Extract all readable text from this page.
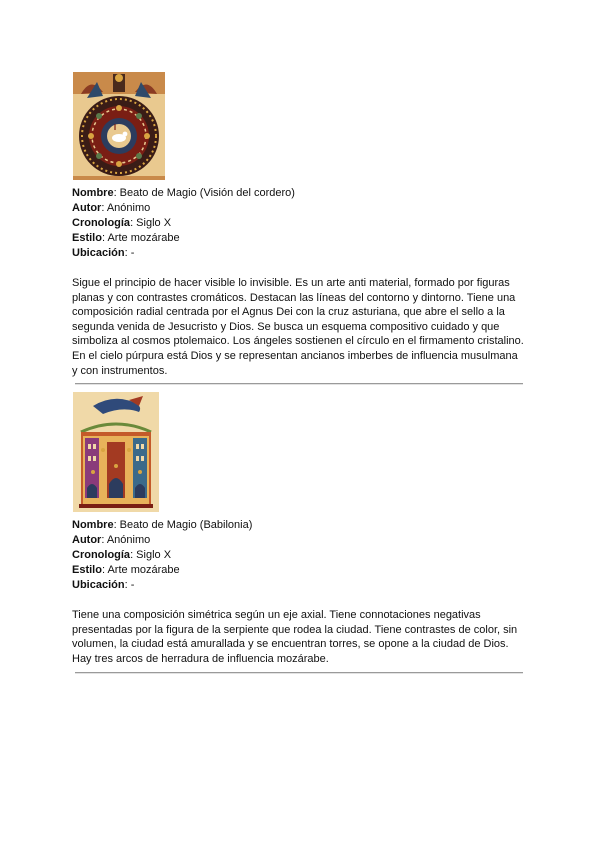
Nombre: Beato de Magio (Visión del cordero)
Autor: Anónimo
Cronología: Siglo X
Estilo: Arte mozárabe
Ubicación: -

Sigue el principio de hacer visible lo invisible. Es un arte anti material, formado por figuras planas y con contrastes cromáticos. Destacan las líneas del contorno y dintorno. Tiene una composición radial centrada por el Agnus Dei con la cruz asturiana, que abre el sello a la segunda venida de Jesucristo y Dios. Se busca un esquema compositivo cuidado y que simboliza al cosmos ptolemaico. Los ángeles sostienen el círculo en el firmamento cristalino. En el cielo púrpura está Dios y se representan ancianos imberbes de influencia musulmana y con instrumentos.

Nombre: Beato de Magio (Babilonia)
Autor: Anónimo
Cronología: Siglo X
Estilo: Arte mozárabe
Ubicación: -

Tiene una composición simétrica según un eje axial. Tiene connotaciones negativas presentadas por la figura de la serpiente que rodea la ciudad. Tiene contrastes de color, sin volumen, la ciudad está amurallada y se encuentran torres, se opone a la ciudad de Dios. Hay tres arcos de herradura de influencia mozárabe.
